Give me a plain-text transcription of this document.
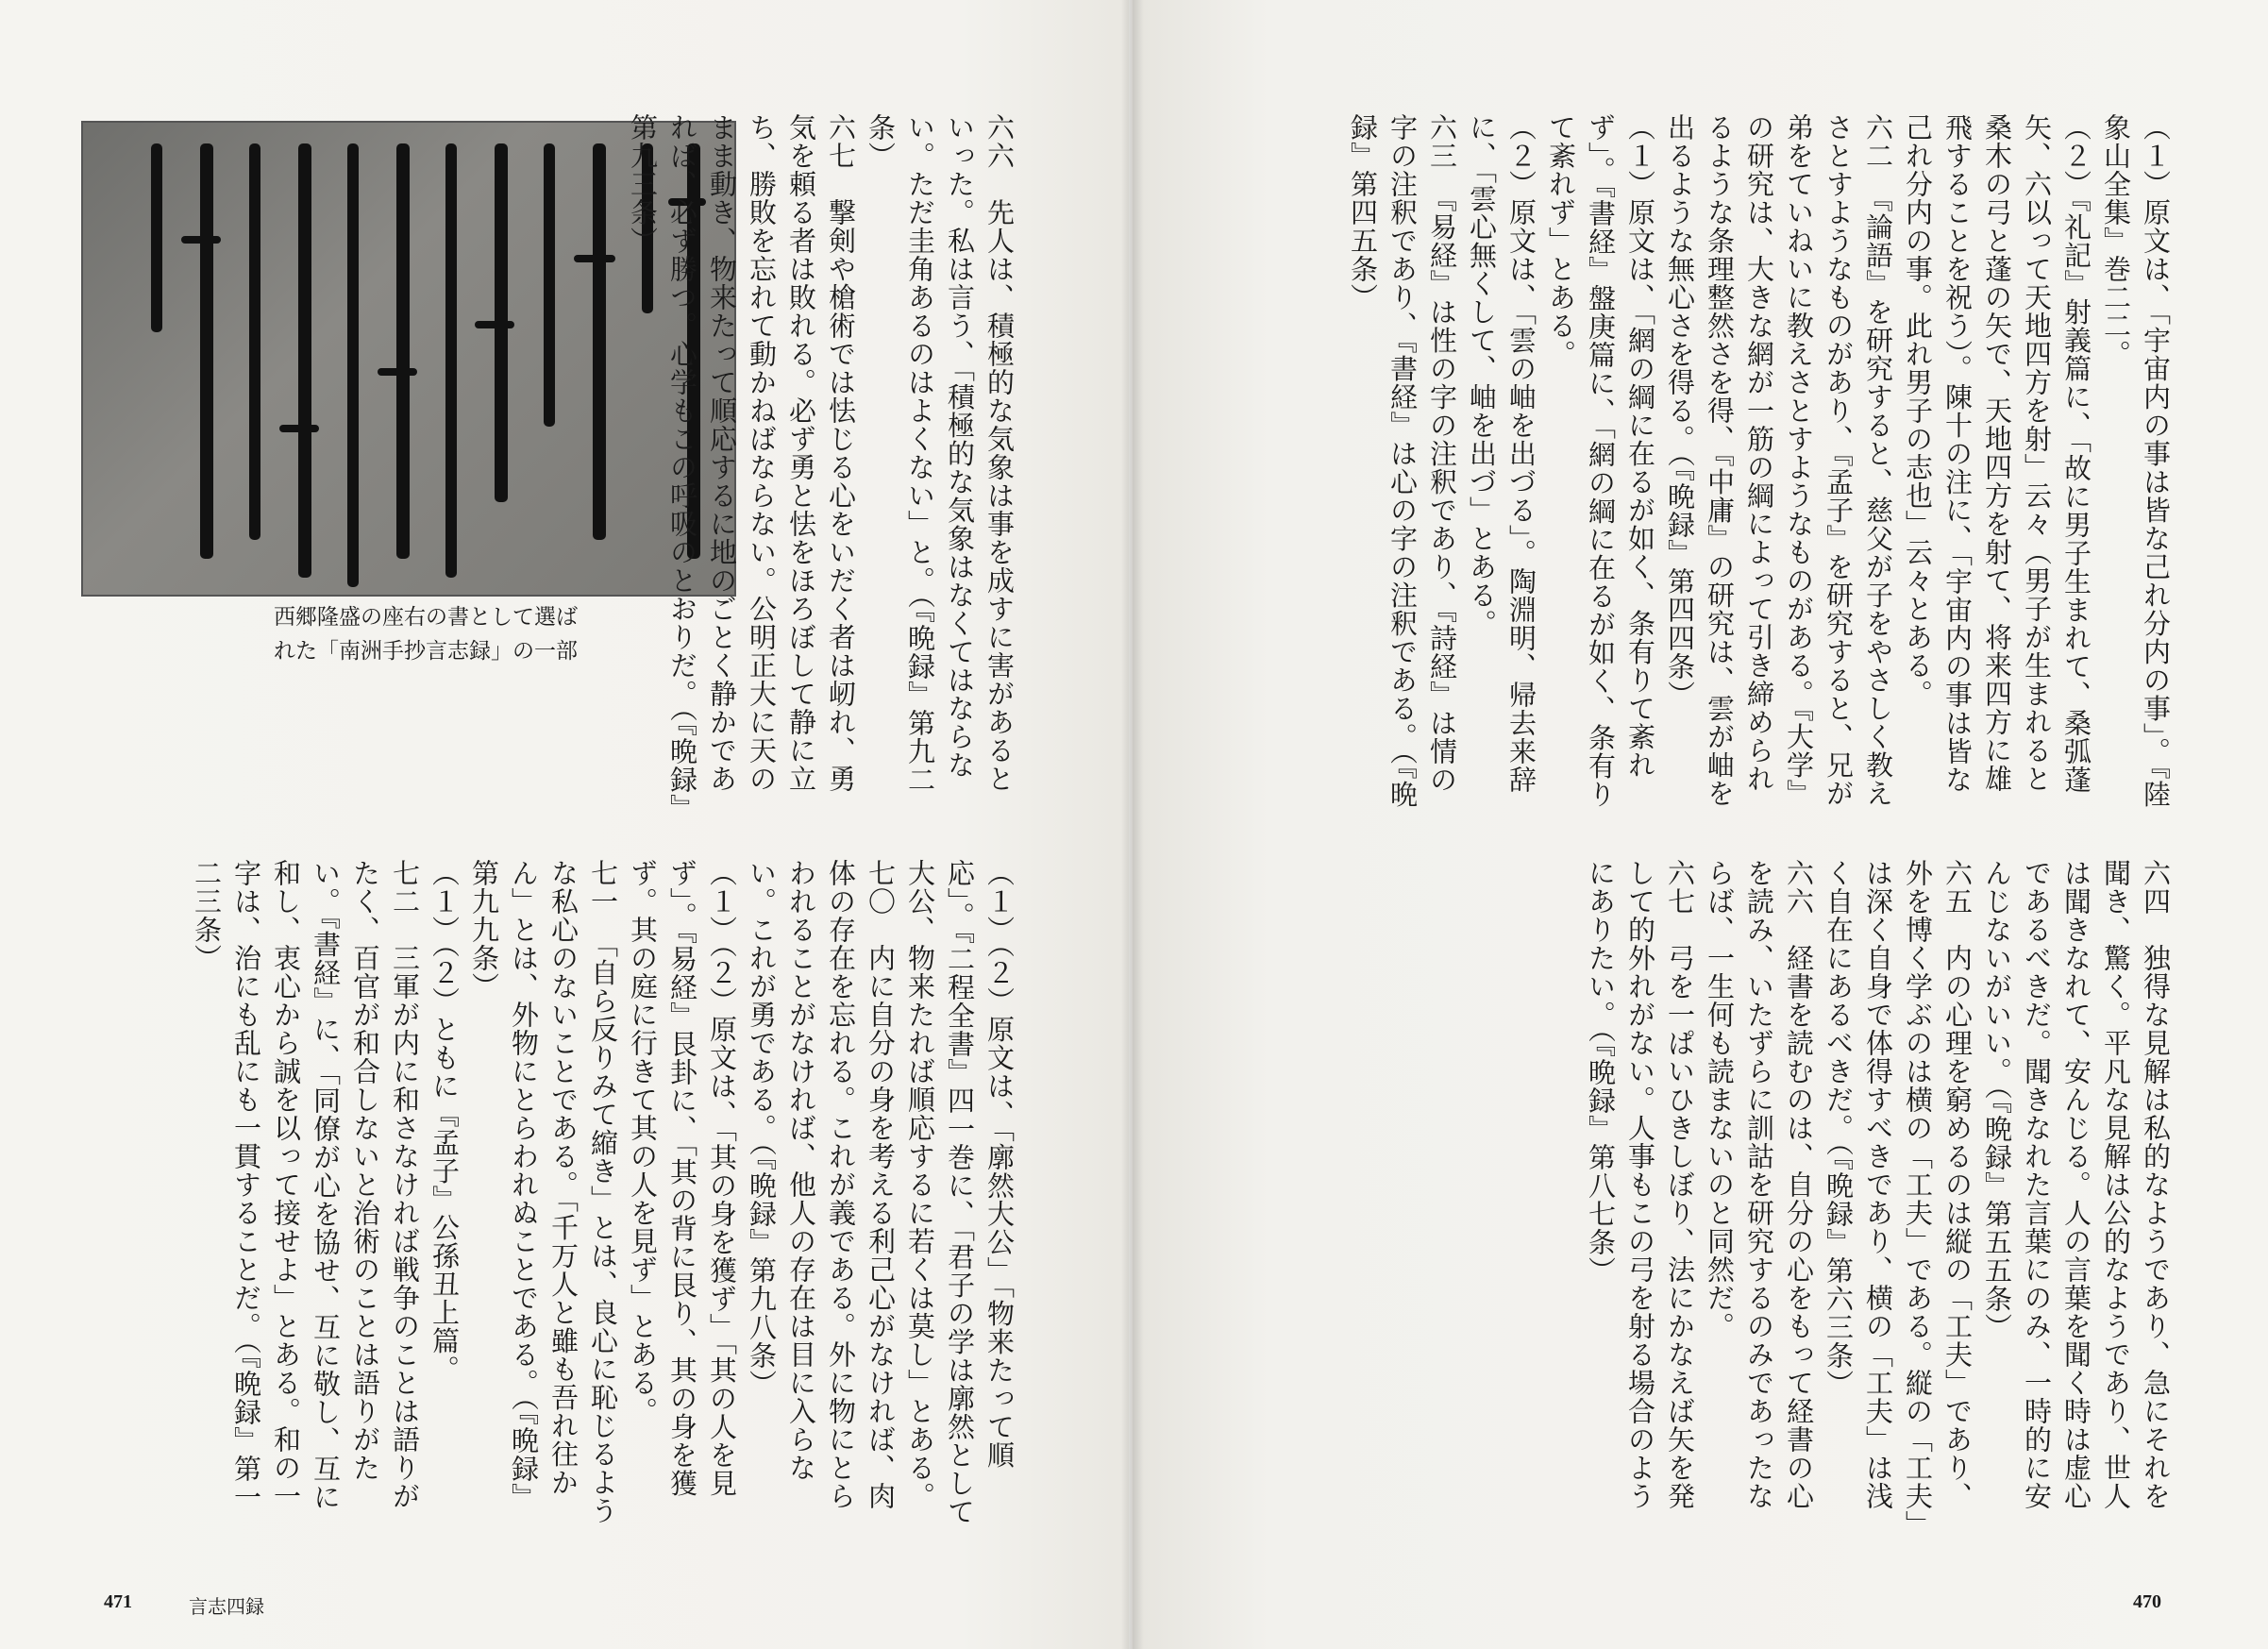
西郷隆盛の座右の書として選ば
れた「南洲手抄言志録」の一部
六六　先人は、積極的な気象は事を成すに害があるといった。私は言う、「積極的な気象はなくてはならない。ただ圭角あるのはよくない」と。（『晩録』第九二条）
六七　撃剣や槍術では怯じる心をいだく者は屻れ、勇気を頼る者は敗れる。必ず勇と怯をほろぼして静に立ち、勝敗を忘れて動かねばならない。公明正大に天のまま動き、物来たって順応するに地のごとく静かであれば、必ず勝つ。心学もこの呼吸のとおりだ。（『晩録』第九三条）
（１）（２）原文は、「廓然大公」「物来たって順応」。『二程全書』四一巻に、「君子の学は廓然として大公、物来たれば順応するに若くは莫し」とある。
七〇　内に自分の身を考える利己心がなければ、肉体の存在を忘れる。これが義である。外に物にとらわれることがなければ、他人の存在は目に入らない。これが勇である。（『晩録』第九八条）
（１）（２）原文は、「其の身を獲ず」「其の人を見ず」。『易経』艮卦に、「其の背に艮り、其の身を獲ず。其の庭に行きて其の人を見ず」とある。
七一　「自ら反りみて縮き」とは、良心に恥じるような私心のないことである。「千万人と雖も吾れ往かん」とは、外物にとらわれぬことである。（『晩録』第九九条）
（１）（２）ともに『孟子』公孫丑上篇。
七二　三軍が内に和さなければ戦争のことは語りがたく、百官が和合しないと治術のことは語りがたい。『書経』に、「同僚が心を協せ、互に敬し、互に和し、衷心から誠を以って接せよ」とある。和の一字は、治にも乱にも一貫することだ。（『晩録』第一二三条）
471	言志四録
（１）原文は、「宇宙内の事は皆な己れ分内の事」。『陸象山全集』巻二二。
（２）『礼記』射義篇に、「故に男子生まれて、桑弧蓬矢、六以って天地四方を射」云々（男子が生まれると桑木の弓と蓬の矢で、天地四方を射て、将来四方に雄飛することを祝う）。陳十の注に、「宇宙内の事は皆な己れ分内の事。此れ男子の志也」云々とある。
六二　『論語』を研究すると、慈父が子をやさしく教えさとすようなものがあり、『孟子』を研究すると、兄が弟をていねいに教えさとすようなものがある。『大学』の研究は、大きな網が一筋の綱によって引き締められるような条理整然さを得、『中庸』の研究は、雲が岫を出るような無心さを得る。（『晩録』第四四条）
（１）原文は、「網の綱に在るが如く、条有りて紊れず」。『書経』盤庚篇に、「網の綱に在るが如く、条有りて紊れず」とある。
（２）原文は、「雲の岫を出づる」。陶淵明、帰去来辞に、「雲心無くして、岫を出づ」とある。
六三　『易経』は性の字の注釈であり、『詩経』は情の字の注釈であり、『書経』は心の字の注釈である。（『晩録』第四五条）
六四　独得な見解は私的なようであり、急にそれを聞き、驚く。平凡な見解は公的なようであり、世人は聞きなれて、安んじる。人の言葉を聞く時は虚心であるべきだ。聞きなれた言葉にのみ、一時的に安んじないがいい。（『晩録』第五五条）
六五　内の心理を窮めるのは縦の「工夫」であり、外を博く学ぶのは横の「工夫」である。縦の「工夫」は深く自身で体得すべきであり、横の「工夫」は浅く自在にあるべきだ。（『晩録』第六三条）
六六　経書を読むのは、自分の心をもって経書の心を読み、いたずらに訓詁を研究するのみであったならば、一生何も読まないのと同然だ。
六七　弓を一ぱいひきしぼり、法にかなえば矢を発して的外れがない。人事もこの弓を射る場合のようにありたい。（『晩録』第八七条）
470
